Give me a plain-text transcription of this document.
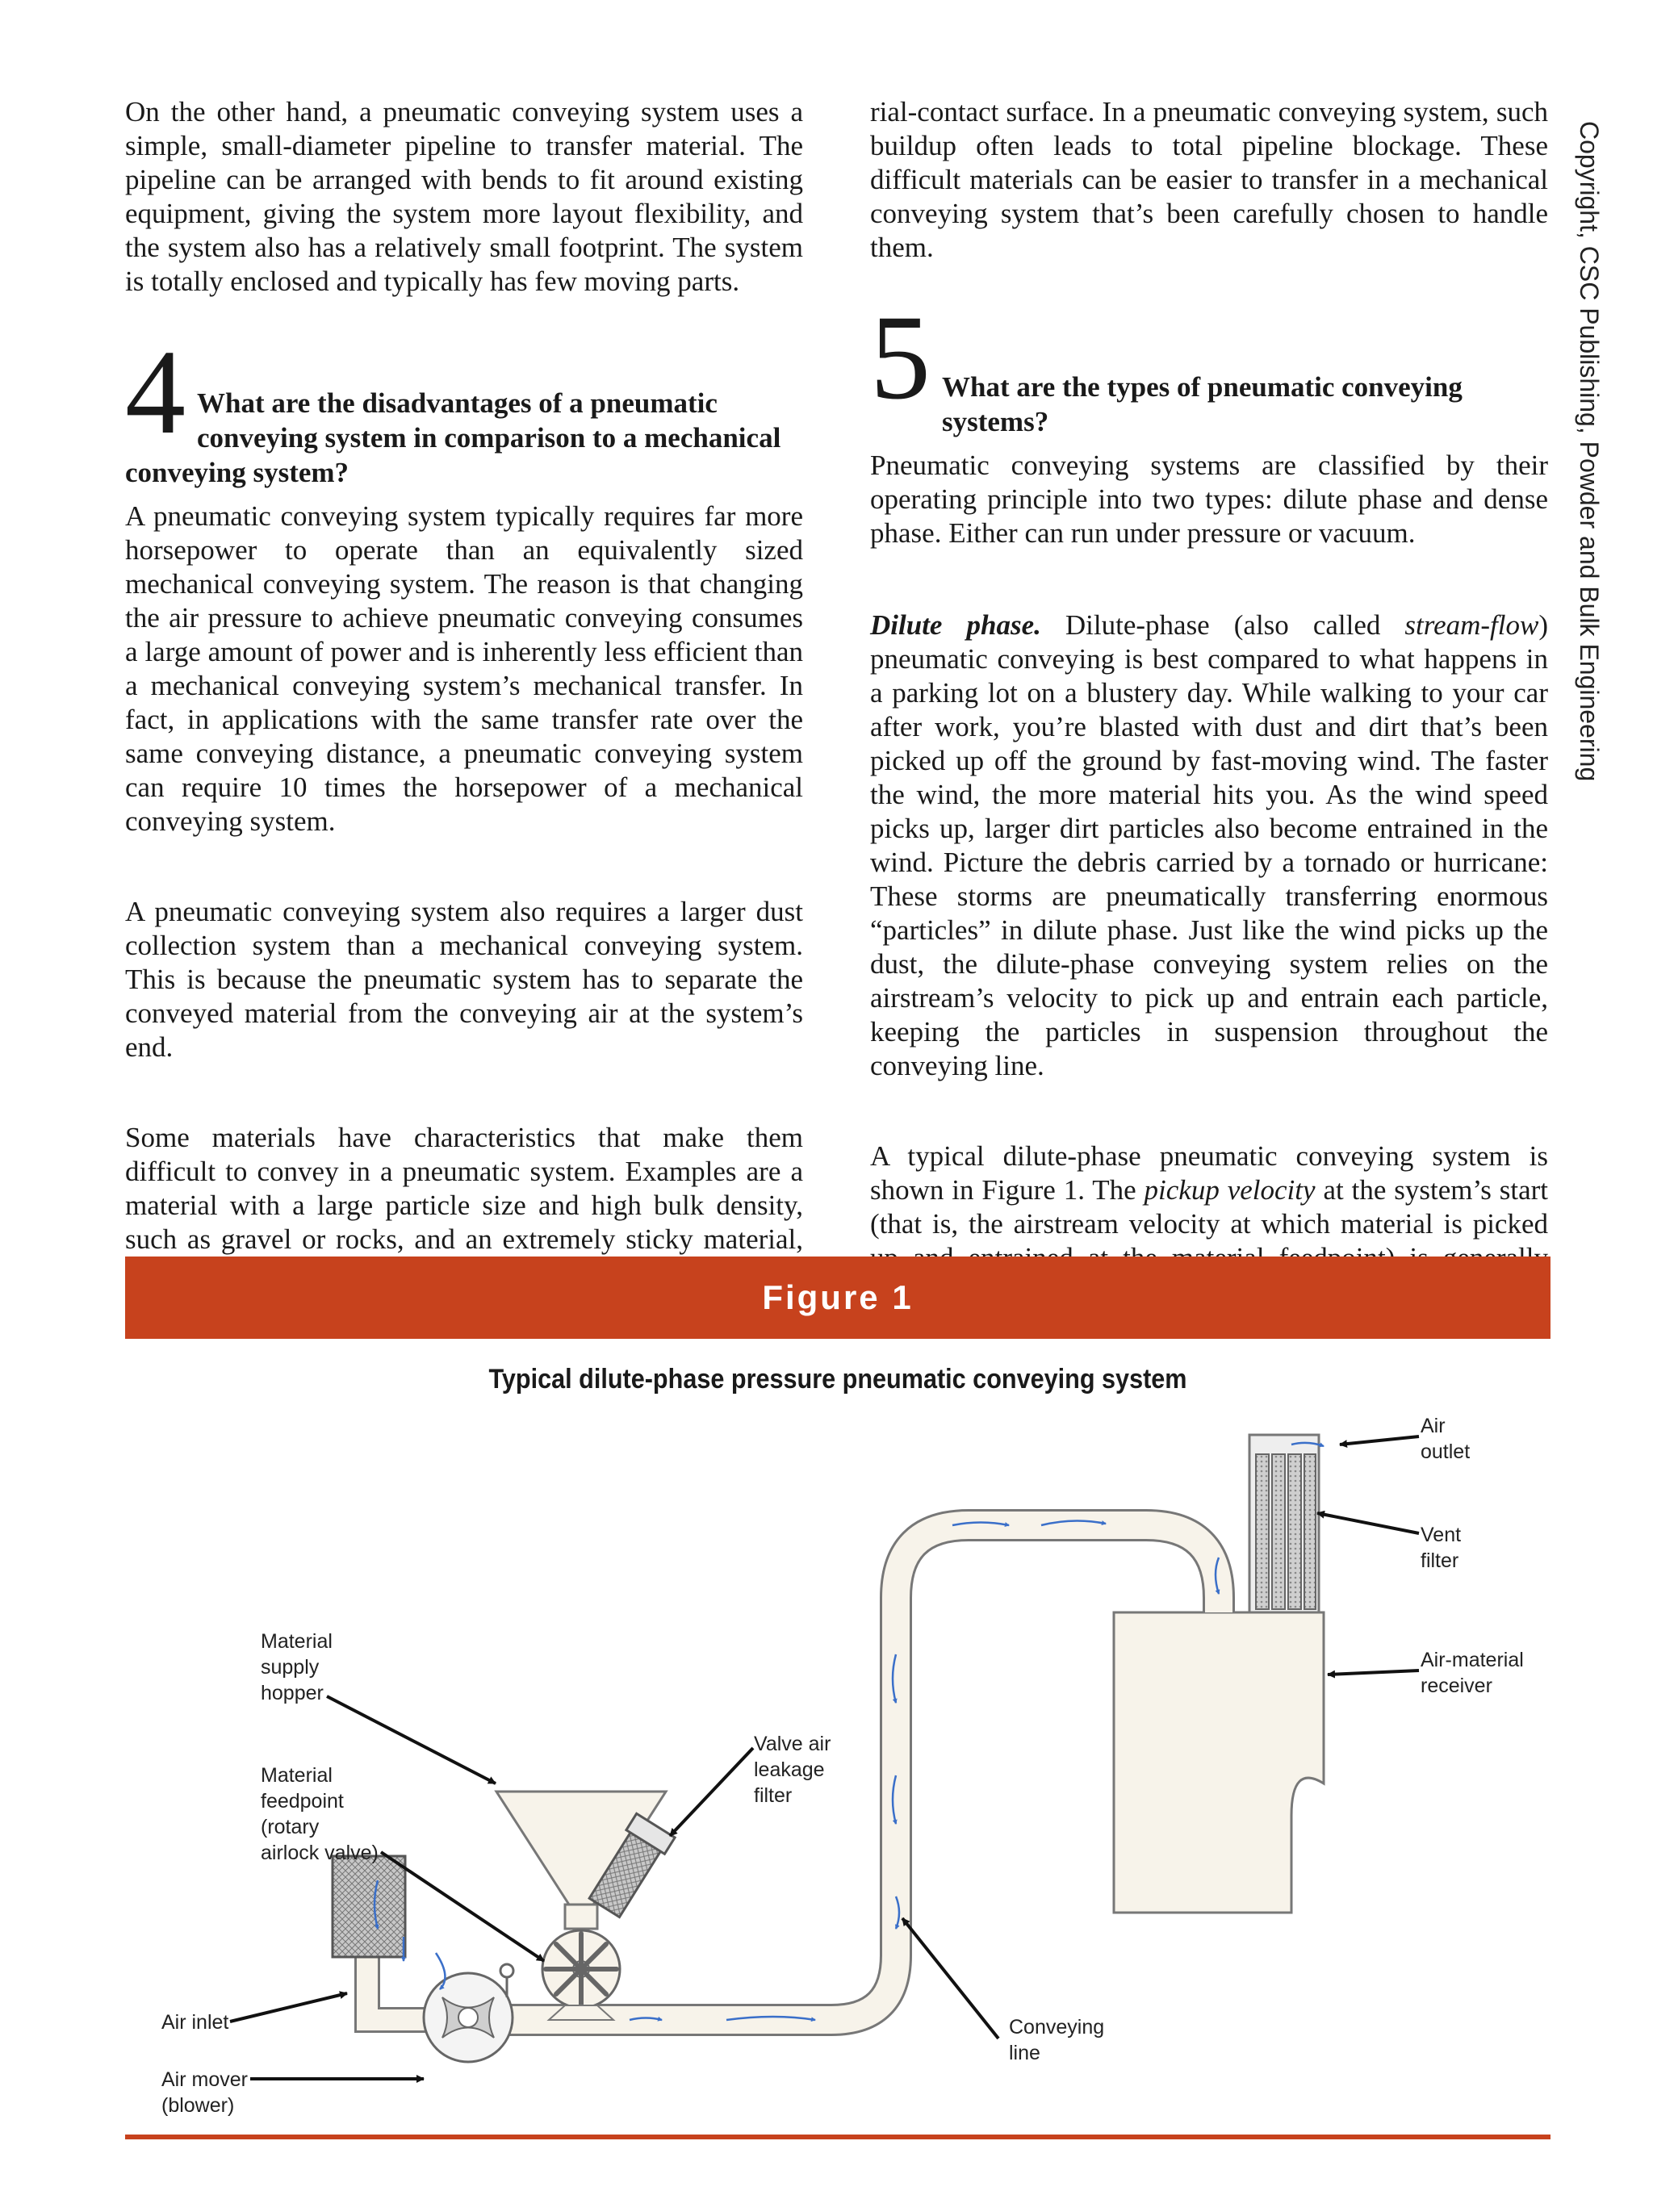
On the other hand, a pneumatic conveying system uses a simple, small-diameter pipeline to transfer material. The pipeline can be arranged with bends to fit around existing equipment, giving the system more layout flexibility, and the system also has a relatively small footprint. The system is totally enclosed and typically has few moving parts.

4 What are the disadvantages of a pneumatic conveying system in comparison to a mechanical conveying system?

A pneumatic conveying system typically requires far more horsepower to operate than an equivalently sized mechanical conveying system. The reason is that changing the air pressure to achieve pneumatic conveying consumes a large amount of power and is inherently less efficient than a mechanical conveying system’s mechanical transfer. In fact, in applications with the same transfer rate over the same conveying distance, a pneumatic conveying system can require 10 times the horsepower of a mechanical conveying system.

A pneumatic conveying system also requires a larger dust collection system than a mechanical conveying system. This is because the pneumatic system has to separate the conveyed material from the conveying air at the system’s end.

Some materials have characteristics that make them difficult to convey in a pneumatic system. Examples are a material with a large particle size and high bulk density, such as gravel or rocks, and an extremely sticky material,

rial-contact surface. In a pneumatic conveying system, such buildup often leads to total pipeline blockage. These difficult materials can be easier to transfer in a mechanical conveying system that’s been carefully chosen to handle them.

5 What are the types of pneumatic conveying systems?

Pneumatic conveying systems are classified by their operating principle into two types: dilute phase and dense phase. Either can run under pressure or vacuum.

Dilute phase. Dilute-phase (also called stream-flow) pneumatic conveying is best compared to what happens in a parking lot on a blustery day. While walking to your car after work, you’re blasted with dust and dirt that’s been picked up off the ground by fast-moving wind. The faster the wind, the more material hits you. As the wind speed picks up, larger dirt particles also become entrained in the wind. Picture the debris carried by a tornado or hurricane: These storms are pneumatically transferring enormous “particles” in dilute phase. Just like the wind picks up the dust, the dilute-phase conveying system relies on the airstream’s velocity to pick up and entrain each particle, keeping the particles in suspension throughout the conveying line.

A typical dilute-phase pneumatic conveying system is shown in Figure 1. The pickup velocity at the system’s start (that is, the airstream velocity at which material is picked

Figure 1
Typical dilute-phase pressure pneumatic conveying system
Air
outlet
Vent
filter
Air-material
receiver
Material
supply
hopper
Valve air
leakage
filter
Material
feedpoint
(rotary
airlock valve)
Air inlet
Air mover
(blower)
Conveying
line
Copyright, CSC Publishing, Powder and Bulk Engineering
